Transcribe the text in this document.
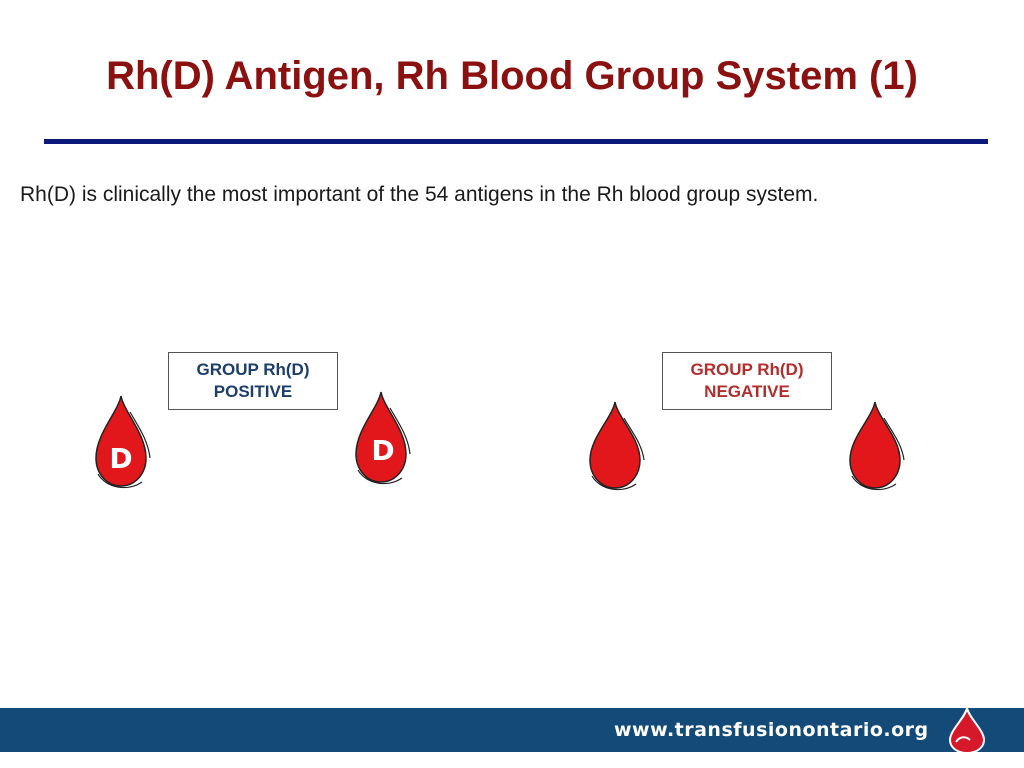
Rh(D) Antigen, Rh Blood Group System (1)
Rh(D) is clinically the most important of the 54 antigens in the Rh blood group system.
GROUP Rh(D)
POSITIVE
GROUP Rh(D)
NEGATIVE
D	D
www.transfusionontario.org
